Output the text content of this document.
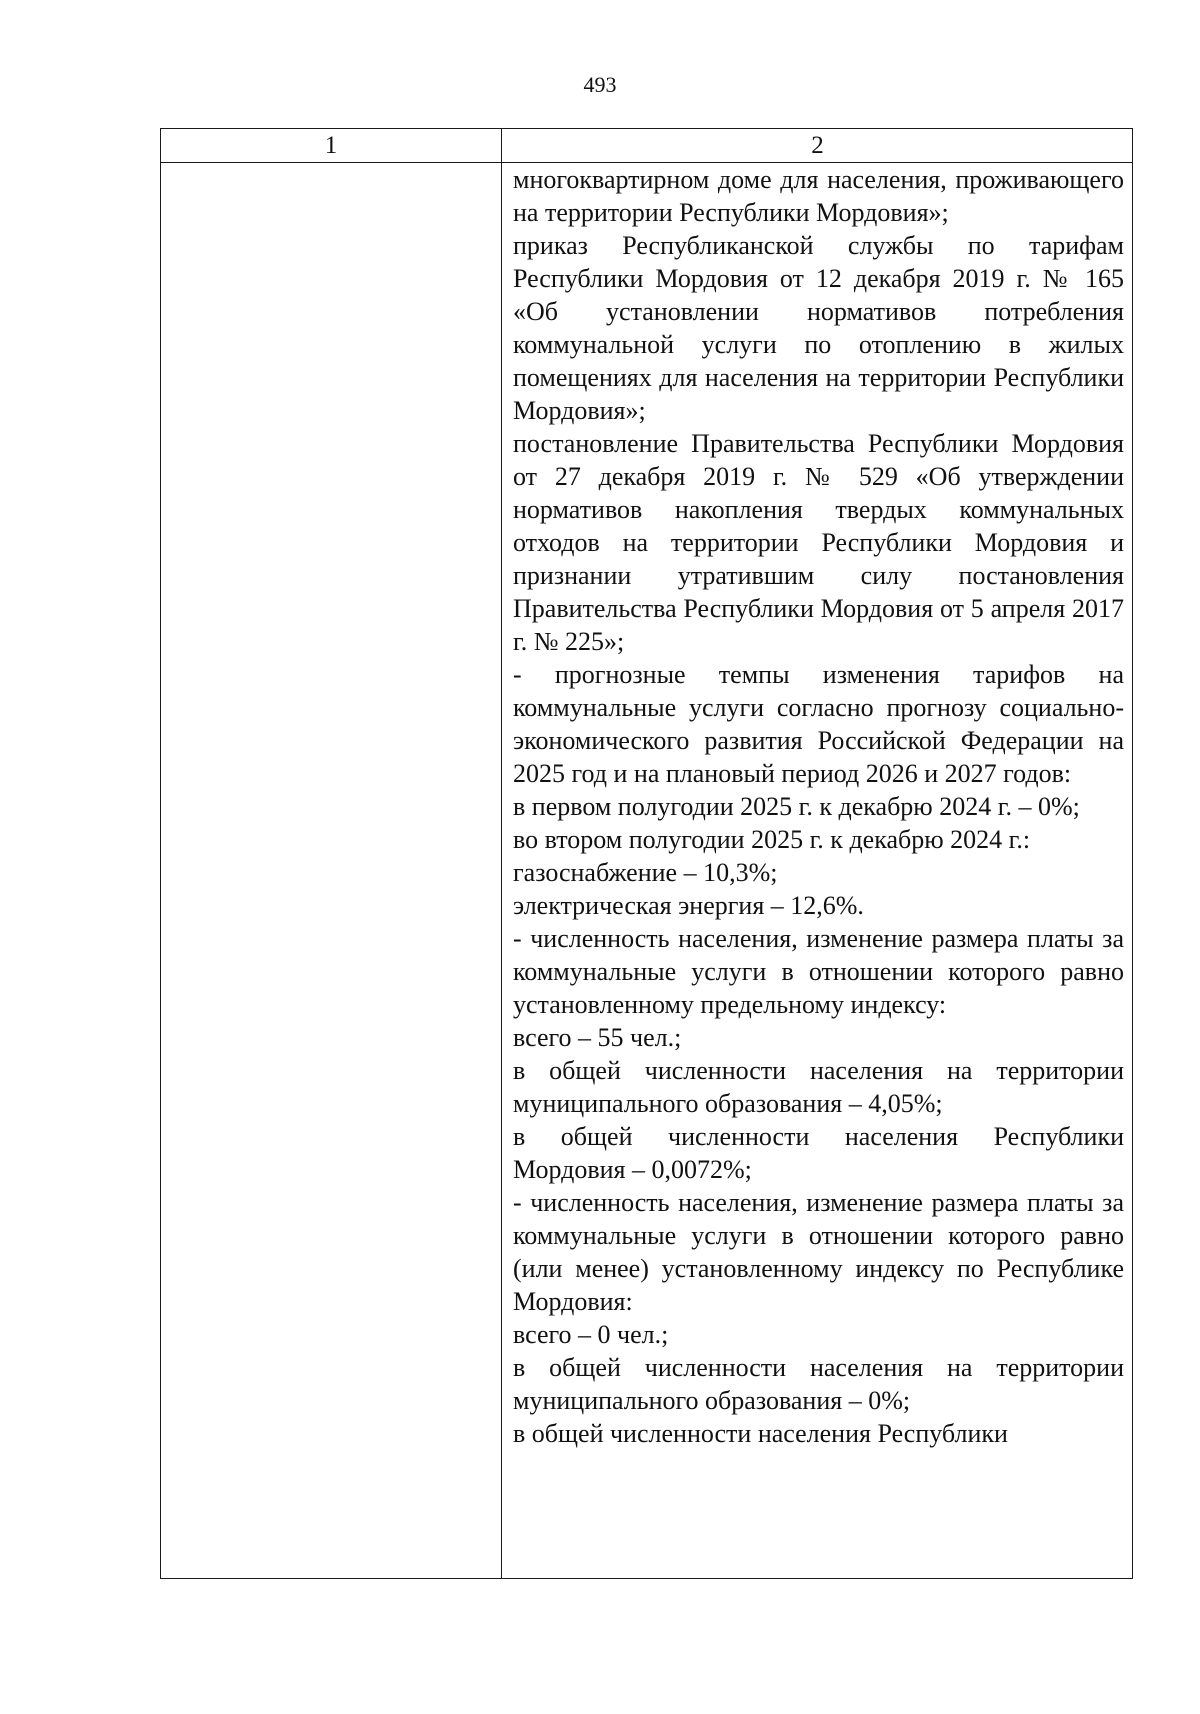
493
1	2

многоквартирном доме для населения, проживающего на территории Республики Мордовия»;

приказ Республиканской службы по тарифам Республики Мордовия от 12 декабря 2019 г. № 165 «Об установлении нормативов потребления коммунальной услуги по отоплению в жилых помещениях для населения на территории Республики Мордовия»;

постановление Правительства Республики Мордовия от 27 декабря 2019 г. № 529 «Об утверждении нормативов накопления твердых коммунальных отходов на территории Республики Мордовия и признании утратившим силу постановления Правительства Республики Мордовия от 5 апреля 2017 г. № 225»;

- прогнозные темпы изменения тарифов на коммунальные услуги согласно прогнозу социально-экономического развития Российской Федерации на 2025 год и на плановый период 2026 и 2027 годов:

в первом полугодии 2025 г. к декабрю 2024 г. – 0%;

во втором полугодии 2025 г. к декабрю 2024 г.:

газоснабжение – 10,3%;

электрическая энергия – 12,6%.

- численность населения, изменение размера платы за коммунальные услуги в отношении которого равно установленному предельному индексу:

всего – 55 чел.;

в общей численности населения на территории муниципального образования – 4,05%;

в общей численности населения Республики Мордовия – 0,0072%;

- численность населения, изменение размера платы за коммунальные услуги в отношении которого равно (или менее) установленному индексу по Республике Мордовия:

всего – 0 чел.;

в общей численности населения на территории муниципального образования – 0%;

в общей численности населения Республики
